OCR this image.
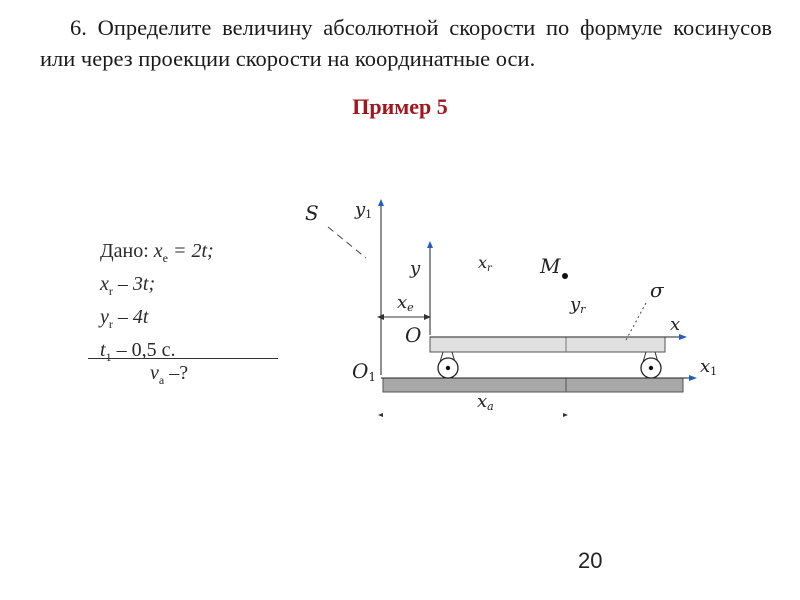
6. Определите величину абсолютной скорости по формуле косинусов или через проекции скорости на координатные оси.

Пример 5

Дано: $x_e = 2t$;
$x_r - 3t$;
$y_r - 4t$
$t_1 - 0,5$ с.
$v_a$ –?
S y1
y	xr M
σ
xe	yr
O	x
O1	x1
xa
20
